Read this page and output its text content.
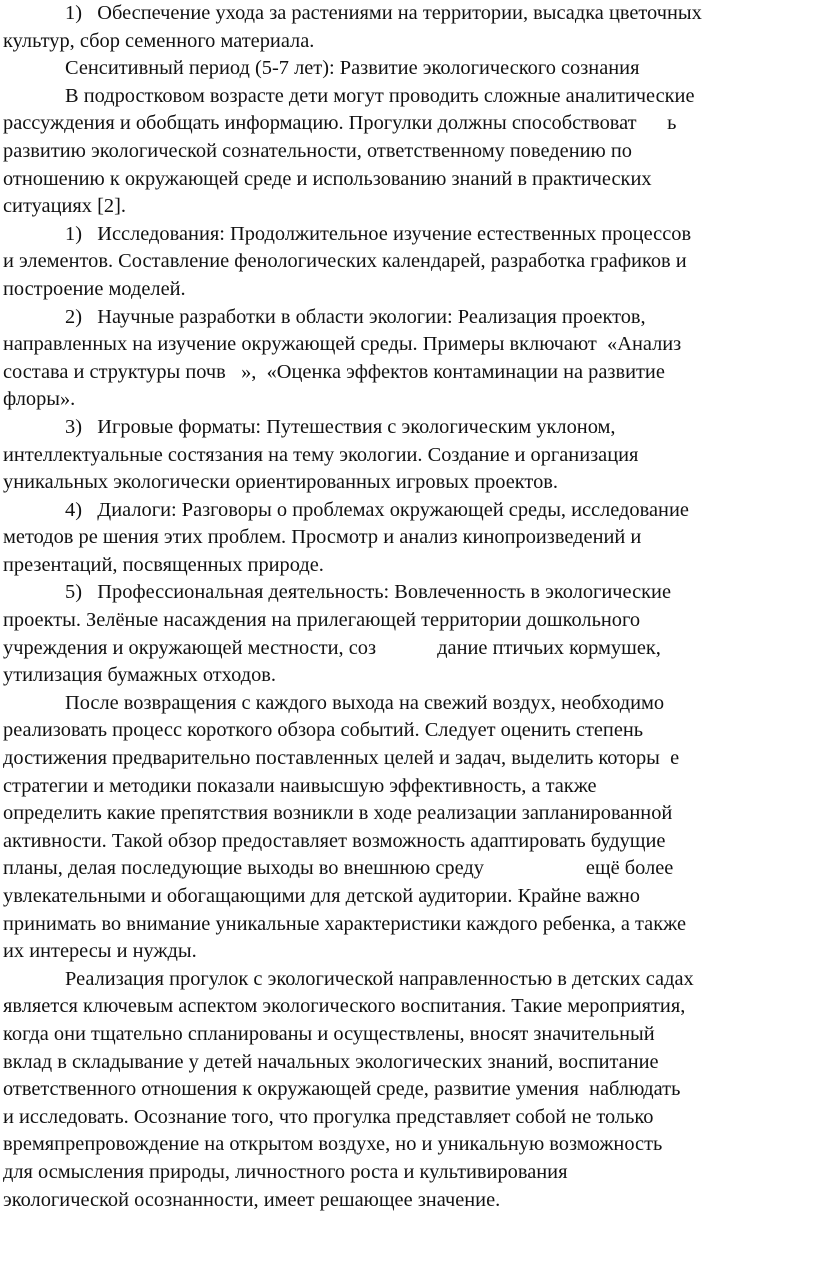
1)   Обеспечение ухода за растениями на территории, высадка цветочных
культур, сбор семенного материала.
Сенситивный период (5-7 лет): Развитие экологического сознания
В подростковом возрасте дети могут проводить сложные аналитические
рассуждения и обобщать информацию. Прогулки должны способствоват      ь
развитию экологической сознательности, ответственному поведению по
отношению к окружающей среде и использованию знаний в практических
ситуациях [2].
1)   Исследования: Продолжительное изучение естественных процессов
и элементов. Составление фенологических календарей, разработка графиков и
построение моделей.
2)   Научные разработки в области экологии: Реализация проектов,
направленных на изучение окружающей среды. Примеры включают  «Анализ
состава и структуры почв   »,  «Оценка эффектов контаминации на развитие
флоры».
3)   Игровые форматы: Путешествия с экологическим уклоном,
интеллектуальные состязания на тему экологии. Создание и организация
уникальных экологически ориентированных игровых проектов.
4)   Диалоги: Разговоры о проблемах окружающей среды, исследование
методов ре шения этих проблем. Просмотр и анализ кинопроизведений и
презентаций, посвященных природе.
5)   Профессиональная деятельность: Вовлеченность в экологические
проекты. Зелёные насаждения на прилегающей территории дошкольного
учреждения и окружающей местности, соз            дание птичьих кормушек,
утилизация бумажных отходов.
После возвращения с каждого выхода на свежий воздух, необходимо
реализовать процесс короткого обзора событий. Следует оценить степень
достижения предварительно поставленных целей и задач, выделить которы  е
стратегии и методики показали наивысшую эффективность, а также
определить какие препятствия возникли в ходе реализации запланированной
активности. Такой обзор предоставляет возможность адаптировать будущие
планы, делая последующие выходы во внешнюю среду                    ещё более
увлекательными и обогащающими для детской аудитории. Крайне важно
принимать во внимание уникальные характеристики каждого ребенка, а также
их интересы и нужды.
Реализация прогулок с экологической направленностью в детских садах
является ключевым аспектом экологического воспитания. Такие мероприятия,
когда они тщательно спланированы и осуществлены, вносят значительный
вклад в складывание у детей начальных экологических знаний, воспитание
ответственного отношения к окружающей среде, развитие умения  наблюдать
и исследовать. Осознание того, что прогулка представляет собой не только
времяпрепровождение на открытом воздухе, но и уникальную возможность
для осмысления природы, личностного роста и культивирования
экологической осознанности, имеет решающее значение.
